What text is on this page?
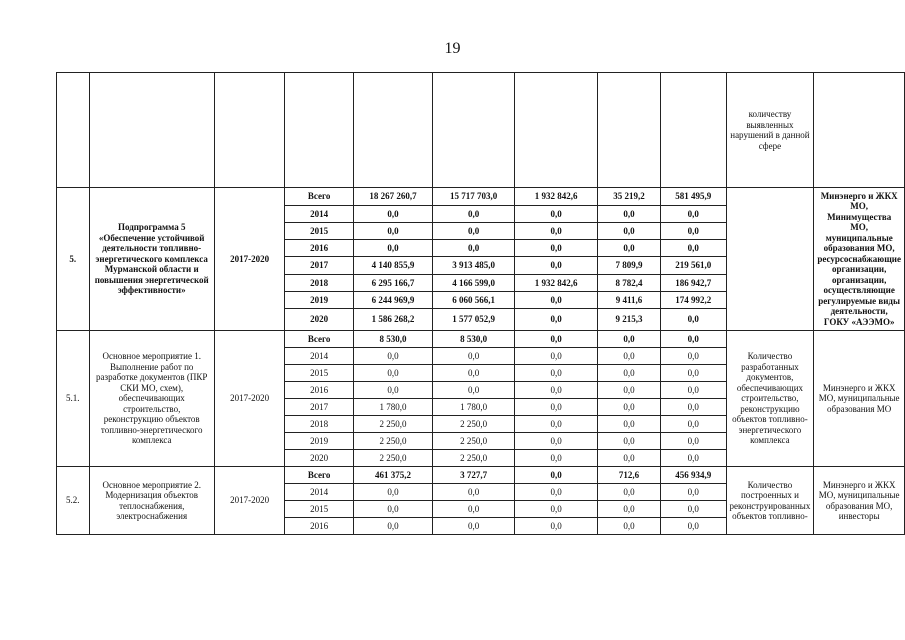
19
									количеству выявленных нарушений в данной сфере	
5.	Подпрограмма 5 «Обеспечение устойчивой деятельности топливно-энергетического комплекса Мурманской области и повышения энергетической эффективности»	2017-2020	Всего	18 267 260,7	15 717 703,0	1 932 842,6	35 219,2	581 495,9		Минэнерго и ЖКХ МО, Минимущества МО, муниципальные образования МО, ресурсоснабжающие организации, организации, осуществляющие регулируемые виды деятельности, ГОКУ «АЭЭМО»
			2014	0,0	0,0	0,0	0,0	0,0		
			2015	0,0	0,0	0,0	0,0	0,0		
			2016	0,0	0,0	0,0	0,0	0,0		
			2017	4 140 855,9	3 913 485,0	0,0	7 809,9	219 561,0		
			2018	6 295 166,7	4 166 599,0	1 932 842,6	8 782,4	186 942,7		
			2019	6 244 969,9	6 060 566,1	0,0	9 411,6	174 992,2		
			2020	1 586 268,2	1 577 052,9	0,0	9 215,3	0,0		
5.1.	Основное мероприятие 1. Выполнение работ по разработке документов (ПКР СКИ МО, схем), обеспечивающих строительство, реконструкцию объектов топливно-энергетического комплекса	2017-2020	Всего	8 530,0	8 530,0	0,0	0,0	0,0	Количество разработанных документов, обеспечивающих строительство, реконструкцию объектов топливно-энергетического комплекса	Минэнерго и ЖКХ МО, муниципальные образования МО
			2014	0,0	0,0	0,0	0,0	0,0		
			2015	0,0	0,0	0,0	0,0	0,0		
			2016	0,0	0,0	0,0	0,0	0,0		
			2017	1 780,0	1 780,0	0,0	0,0	0,0		
			2018	2 250,0	2 250,0	0,0	0,0	0,0		
			2019	2 250,0	2 250,0	0,0	0,0	0,0		
			2020	2 250,0	2 250,0	0,0	0,0	0,0		
5.2.	Основное мероприятие 2. Модернизация объектов теплоснабжения, электроснабжения	2017-2020	Всего	461 375,2	3 727,7	0,0	712,6	456 934,9	Количество построенных и реконструированных объектов топливно-	Минэнерго и ЖКХ МО, муниципальные образования МО, инвесторы
			2014	0,0	0,0	0,0	0,0	0,0		
			2015	0,0	0,0	0,0	0,0	0,0		
			2016	0,0	0,0	0,0	0,0	0,0		
